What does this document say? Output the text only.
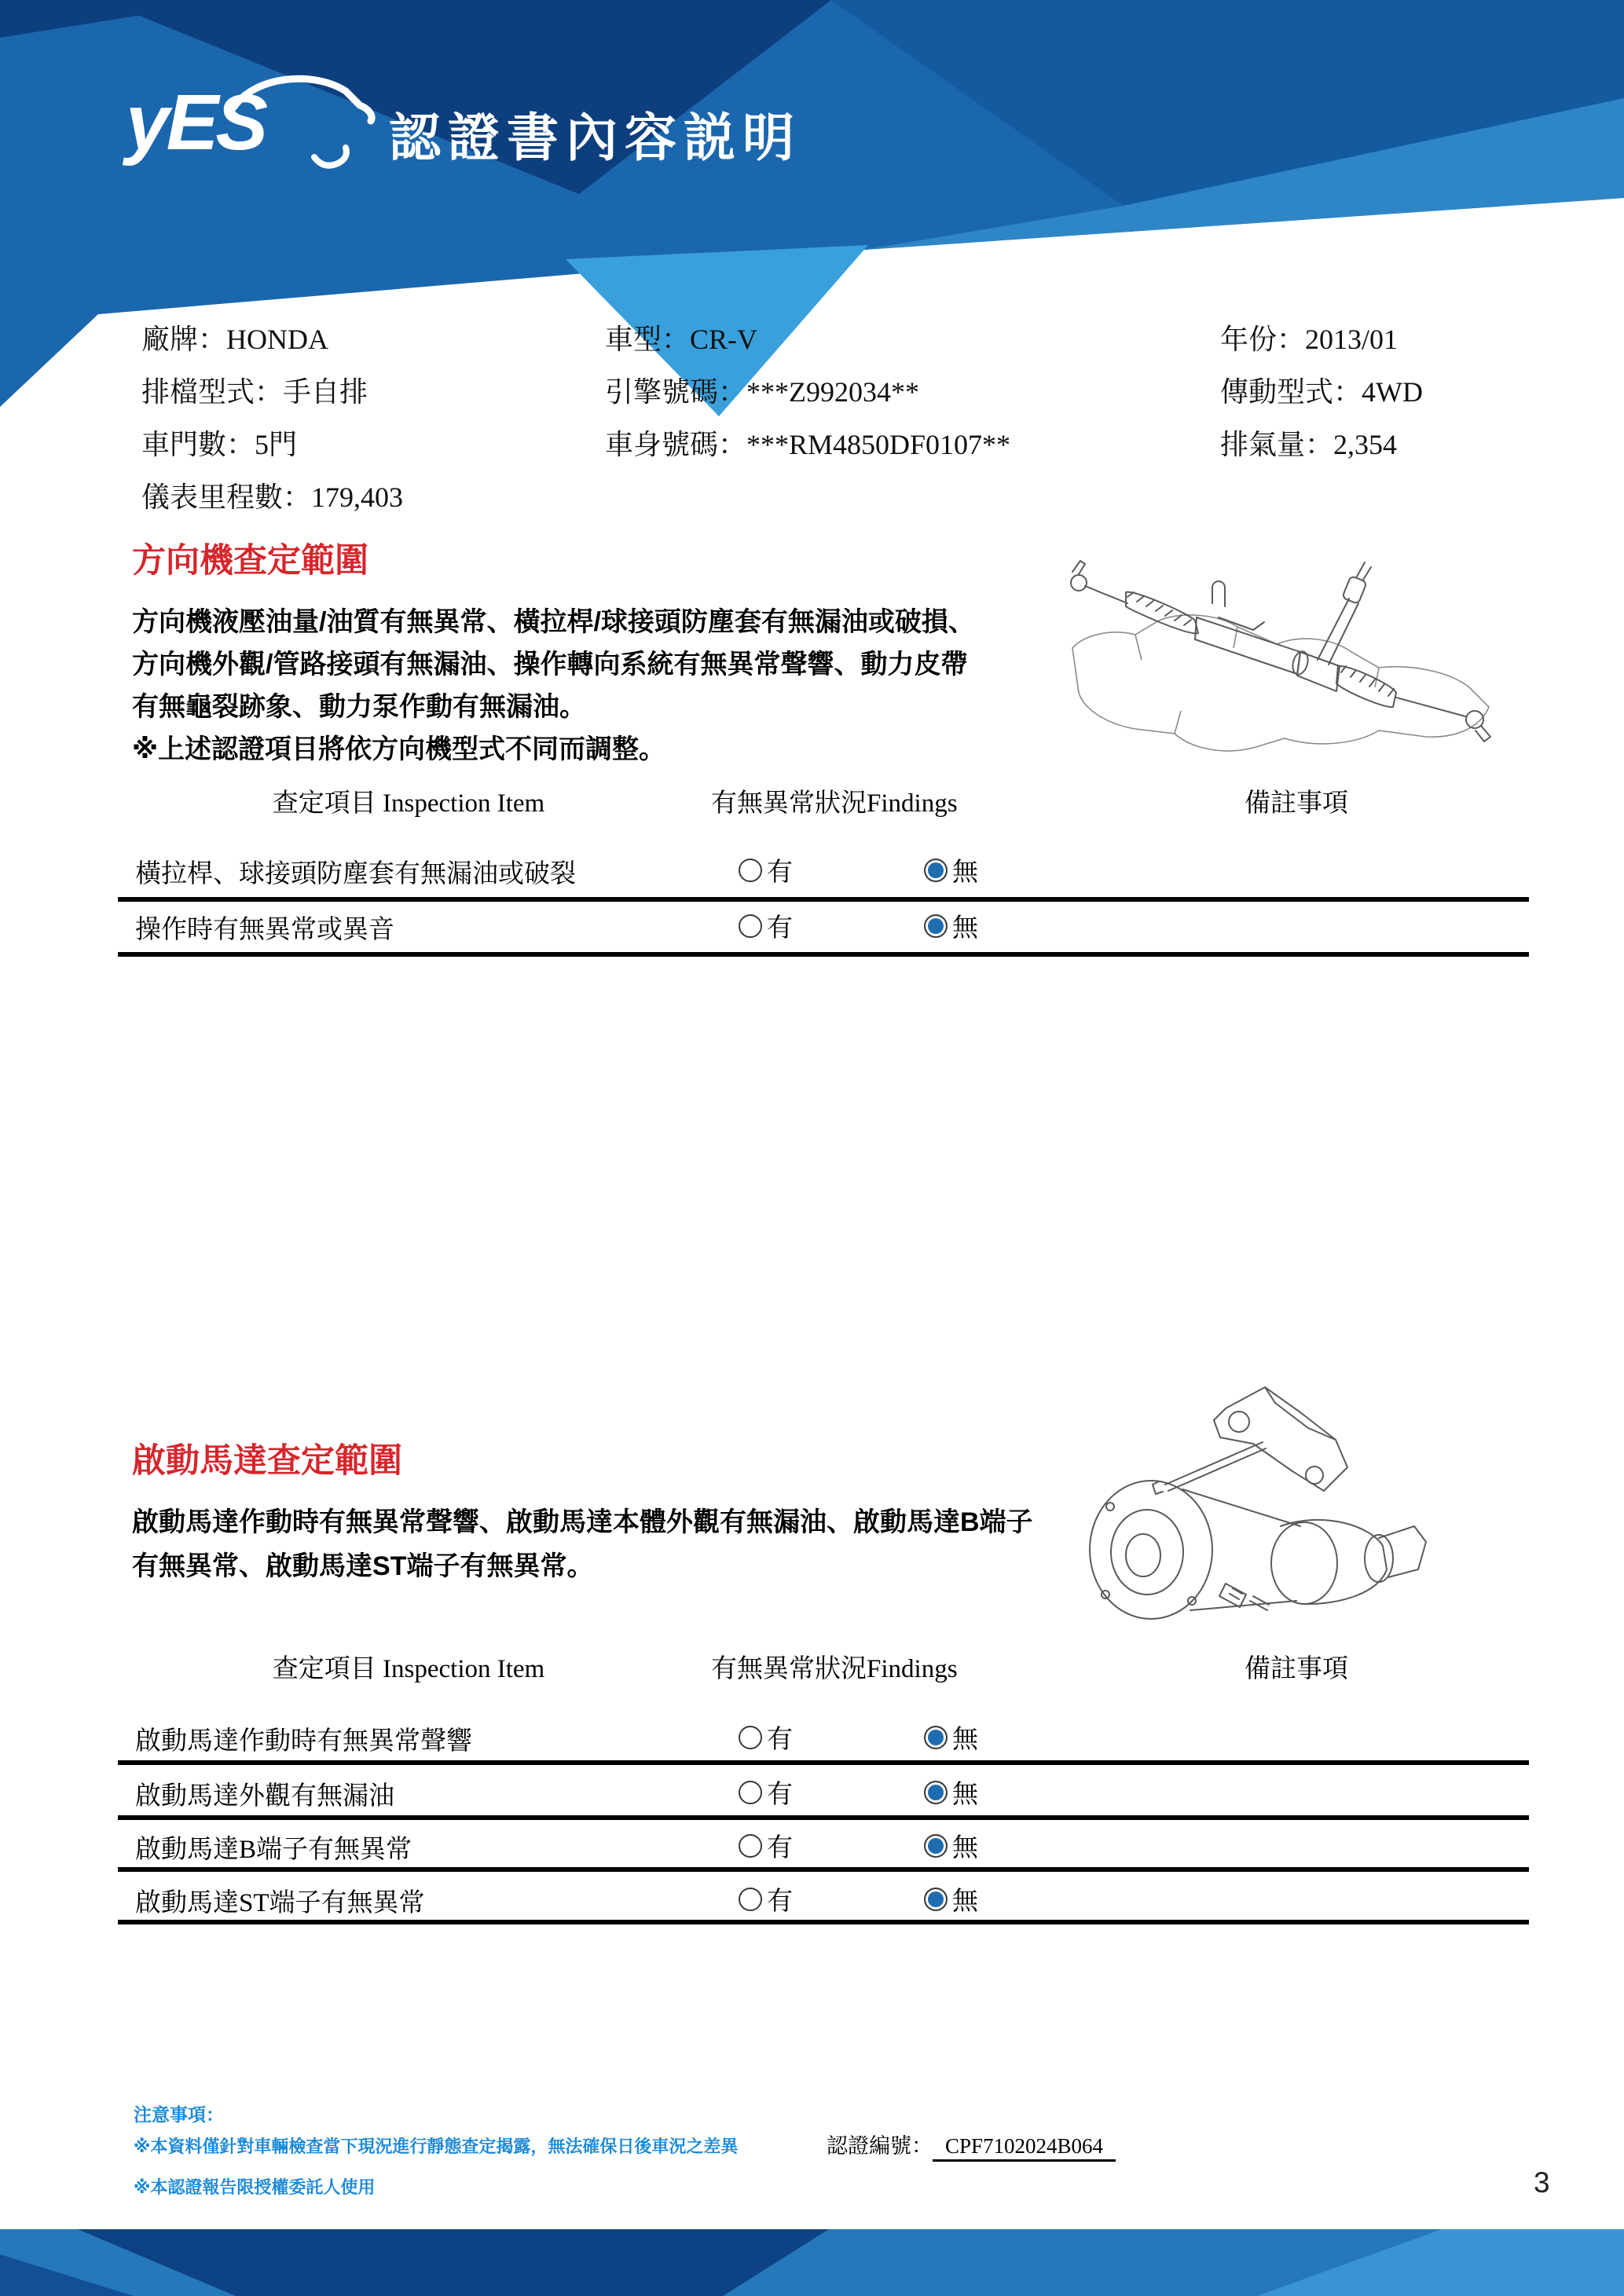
yES 認證書內容説明
廠牌：HONDA
排檔型式：手自排
車門數：5門
儀表里程數：179,403
車型：CR-V
引擎號碼：***Z992034**
車身號碼：***RM4850DF0107**
年份：2013/01
傳動型式：4WD
排氣量：2,354
方向機查定範圍
方向機液壓油量/油質有無異常、橫拉桿/球接頭防塵套有無漏油或破損、
方向機外觀/管路接頭有無漏油、操作轉向系統有無異常聲響、動力皮帶
有無龜裂跡象、動力泵作動有無漏油。
※上述認證項目將依方向機型式不同而調整。
查定項目 Inspection Item	有無異常狀況Findings	備註事項
橫拉桿、球接頭防塵套有無漏油或破裂	有	無
操作時有無異常或異音	有	無
啟動馬達查定範圍
啟動馬達作動時有無異常聲響、啟動馬達本體外觀有無漏油、啟動馬達B端子
有無異常、啟動馬達ST端子有無異常。
查定項目 Inspection Item	有無異常狀況Findings	備註事項
啟動馬達作動時有無異常聲響	有	無
啟動馬達外觀有無漏油	有	無
啟動馬達B端子有無異常	有	無
啟動馬達ST端子有無異常	有	無
注意事項：
※本資料僅針對車輛檢查當下現況進行靜態查定揭露，無法確保日後車況之差異
※本認證報告限授權委託人使用
認證編號： CPF7102024B064
3
